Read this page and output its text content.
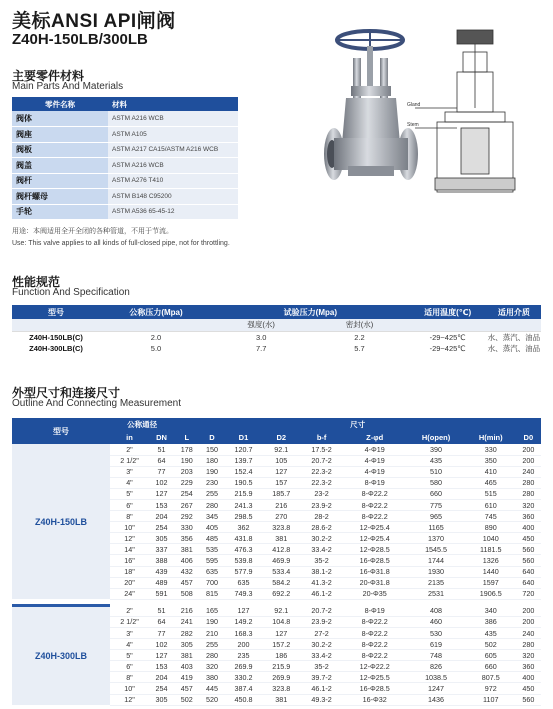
美标ANSI API闸阀
Z40H-150LB/300LB
Gland
Stem
主要零件材料
Main Parts And Materials
零件名称	材料
阀体	ASTM A216 WCB
阀座	ASTM A105
阀板	ASTM A217 CA15/ASTM A216 WCB
阀盖	ASTM A216 WCB
阀杆	ASTM A276 T410
阀杆螺母	ASTM B148 C95200
手轮	ASTM A536 65-45-12
用途：本阀适用全开全闭的各种管道，不用于节流。
Use: This valve applies to all kinds of full-closed pipe, not for throttling.
性能规范
Function And Specification
型号	公称压力(Mpa)	试验压力(Mpa)		适用温度(℃)	适用介质
		强度(水)	密封(水)		
Z40H-150LB(C)	2.0	3.0	2.2	-29~425℃	水、蒸汽、油品
Z40H-300LB(C)	5.0	7.7	5.7	-29~425℃	水、蒸汽、油品
外型尺寸和连接尺寸
Outline And Connecting Measurement
型号	公称通径		尺寸								
	in	DN	L	D	D1	D2	b-f	Z-φd	H(open)	H(min)	D0
Z40H-150LB	2"	51	178	150	120.7	92.1	17.5-2	4-Φ19	390	330	200
	2 1/2"	64	190	180	139.7	105	20.7-2	4-Φ19	435	350	200
	3"	77	203	190	152.4	127	22.3-2	4-Φ19	510	410	240
	4"	102	229	230	190.5	157	22.3-2	8-Φ19	580	465	280
	5"	127	254	255	215.9	185.7	23-2	8-Φ22.2	660	515	280
	6"	153	267	280	241.3	216	23.9-2	8-Φ22.2	775	610	320
	8"	204	292	345	298.5	270	28-2	8-Φ22.2	965	745	360
	10"	254	330	405	362	323.8	28.6-2	12-Φ25.4	1165	890	400
	12"	305	356	485	431.8	381	30.2-2	12-Φ25.4	1370	1040	450
	14"	337	381	535	476.3	412.8	33.4-2	12-Φ28.5	1545.5	1181.5	560
	16"	388	406	595	539.8	469.9	35-2	16-Φ28.5	1744	1326	560
	18"	439	432	635	577.9	533.4	38.1-2	16-Φ31.8	1930	1440	640
	20"	489	457	700	635	584.2	41.3-2	20-Φ31.8	2135	1597	640
	24"	591	508	815	749.3	692.2	46.1-2	20-Φ35	2531	1906.5	720

Z40H-300LB	2"	51	216	165	127	92.1	20.7-2	8-Φ19	408	340	200
	2 1/2"	64	241	190	149.2	104.8	23.9-2	8-Φ22.2	460	386	200
	3"	77	282	210	168.3	127	27-2	8-Φ22.2	530	435	240
	4"	102	305	255	200	157.2	30.2-2	8-Φ22.2	619	502	280
	5"	127	381	280	235	186	33.4-2	8-Φ22.2	748	605	320
	6"	153	403	320	269.9	215.9	35-2	12-Φ22.2	826	660	360
	8"	204	419	380	330.2	269.9	39.7-2	12-Φ25.5	1038.5	807.5	400
	10"	254	457	445	387.4	323.8	46.1-2	16-Φ28.5	1247	972	450
	12"	305	502	520	450.8	381	49.3-2	16-Φ32	1436	1107	560
